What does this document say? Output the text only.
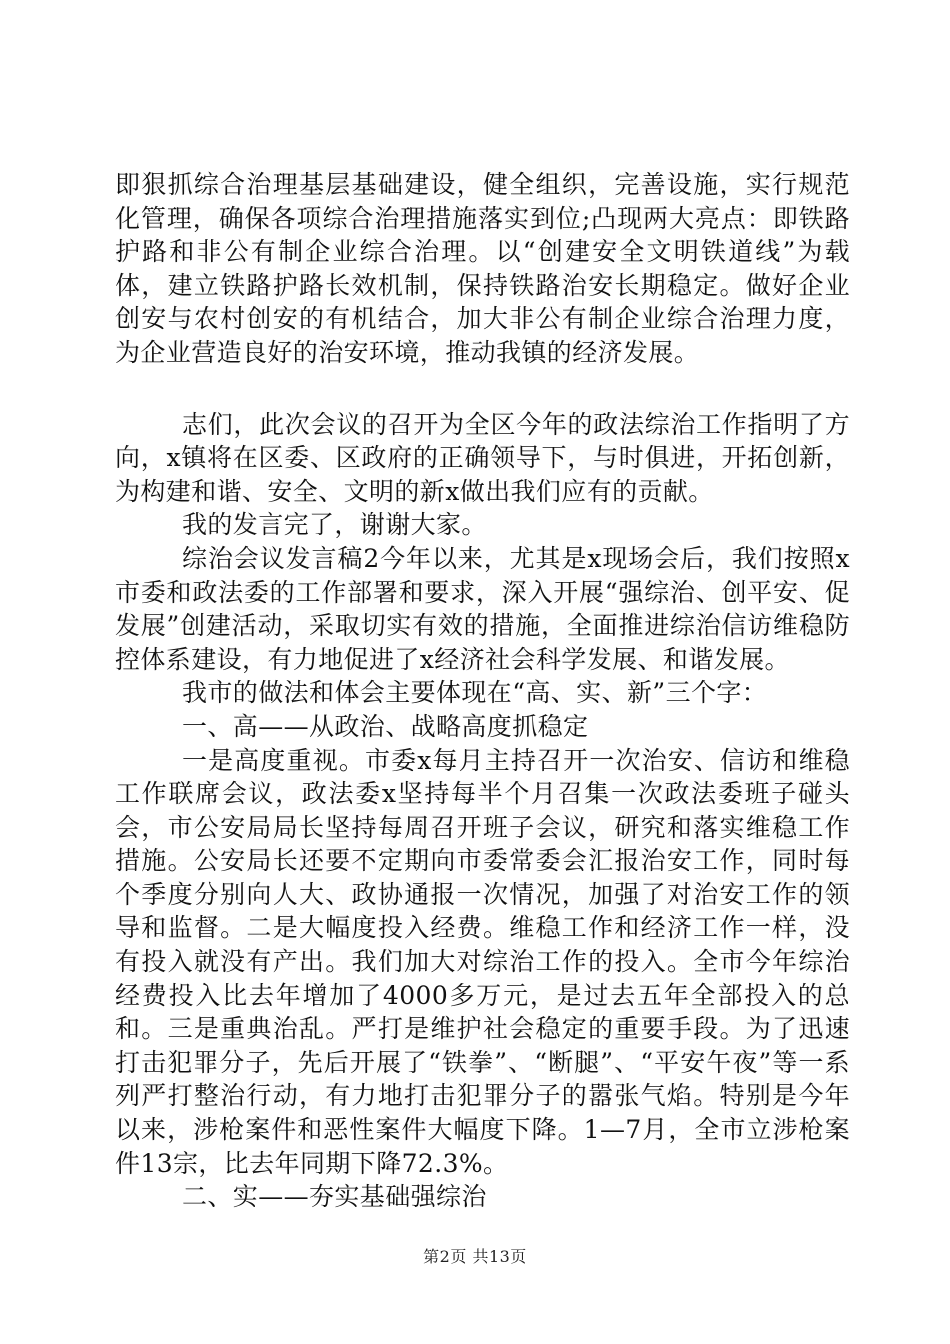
即狠抓综合治理基层基础建设，健全组织，完善设施，实行规范化管理，确保各项综合治理措施落实到位;凸现两大亮点：即铁路护路和非公有制企业综合治理。以“创建安全文明铁道线”为载体，建立铁路护路长效机制，保持铁路治安长期稳定。做好企业创安与农村创安的有机结合，加大非公有制企业综合治理力度，为企业营造良好的治安环境，推动我镇的经济发展。

志们，此次会议的召开为全区今年的政法综治工作指明了方向，x镇将在区委、区政府的正确领导下，与时俱进，开拓创新，为构建和谐、安全、文明的新x做出我们应有的贡献。

我的发言完了，谢谢大家。

综治会议发言稿2今年以来，尤其是x现场会后，我们按照x市委和政法委的工作部署和要求，深入开展“强综治、创平安、促发展”创建活动，采取切实有效的措施，全面推进综治信访维稳防控体系建设，有力地促进了x经济社会科学发展、和谐发展。

我市的做法和体会主要体现在“高、实、新”三个字：

一、高——从政治、战略高度抓稳定

一是高度重视。市委x每月主持召开一次治安、信访和维稳工作联席会议，政法委x坚持每半个月召集一次政法委班子碰头会，市公安局局长坚持每周召开班子会议，研究和落实维稳工作措施。公安局长还要不定期向市委常委会汇报治安工作，同时每个季度分别向人大、政协通报一次情况，加强了对治安工作的领导和监督。二是大幅度投入经费。维稳工作和经济工作一样，没有投入就没有产出。我们加大对综治工作的投入。全市今年综治经费投入比去年增加了4000多万元，是过去五年全部投入的总和。三是重典治乱。严打是维护社会稳定的重要手段。为了迅速打击犯罪分子，先后开展了“铁拳”、“断腿”、“平安午夜”等一系列严打整治行动，有力地打击犯罪分子的嚣张气焰。特别是今年以来，涉枪案件和恶性案件大幅度下降。1—7月，全市立涉枪案件13宗，比去年同期下降72.3%。

二、实——夯实基础强综治

第2页 共13页
